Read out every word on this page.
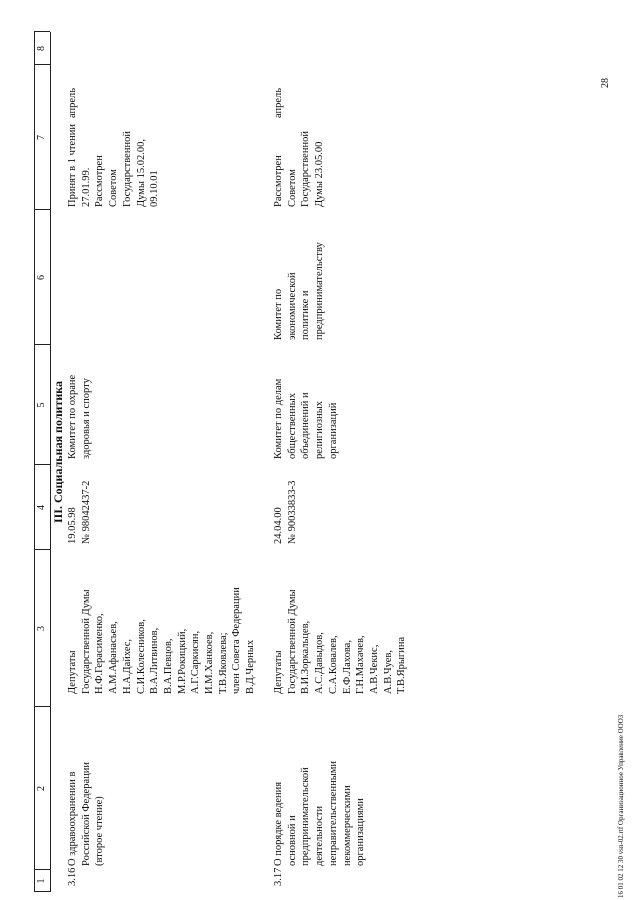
1
2
3
4
5
6
7
8
III. Социальная политика
3.16
О здравоохранении в
Российской Федерации
(второе чтение)
Депутаты
Государственной Думы
Н.Ф.Герасименко,
А.М.Афанасьев,
Н.А.Дайхес,
С.И.Колесников,
В.А.Литвинов,
В.А.Певцов,
М.Р.Рокицкий,
А.Г.Саркисян,
И.М.Ханкоев,
Т.В.Яковлева;
член Совета Федерации
В.Д.Черных
19.05.98
№ 98042437-2
Комитет по охране
здоровья и спорту
Принят в 1 чтении
27.01.99.
Рассмотрен
Советом
Государственной
Думы 15.02.00,
09.10.01
апрель
3.17
О порядке ведения
основной и
предпринимательской
деятельности
неправительственными
некоммерческими
организациями
Депутаты
Государственной Думы
В.И.Зоркальцев,
А.С.Давыдов,
С.А.Ковалев,
Е.Ф.Лахова,
Г.Н.Махачев,
А.В.Чекис,
А.В.Чуев,
Т.В.Ярыгина
24.04.00
№ 90033833-3
Комитет по делам
общественных
объединений и
религиозных
организаций
Комитет по
экономической
политике и
предпринимательству
Рассмотрен
Советом
Государственной
Думы 23.05.00
апрель
16 01 02 12 30 vsn-02.rtf Организационное Управление ООО3
28
